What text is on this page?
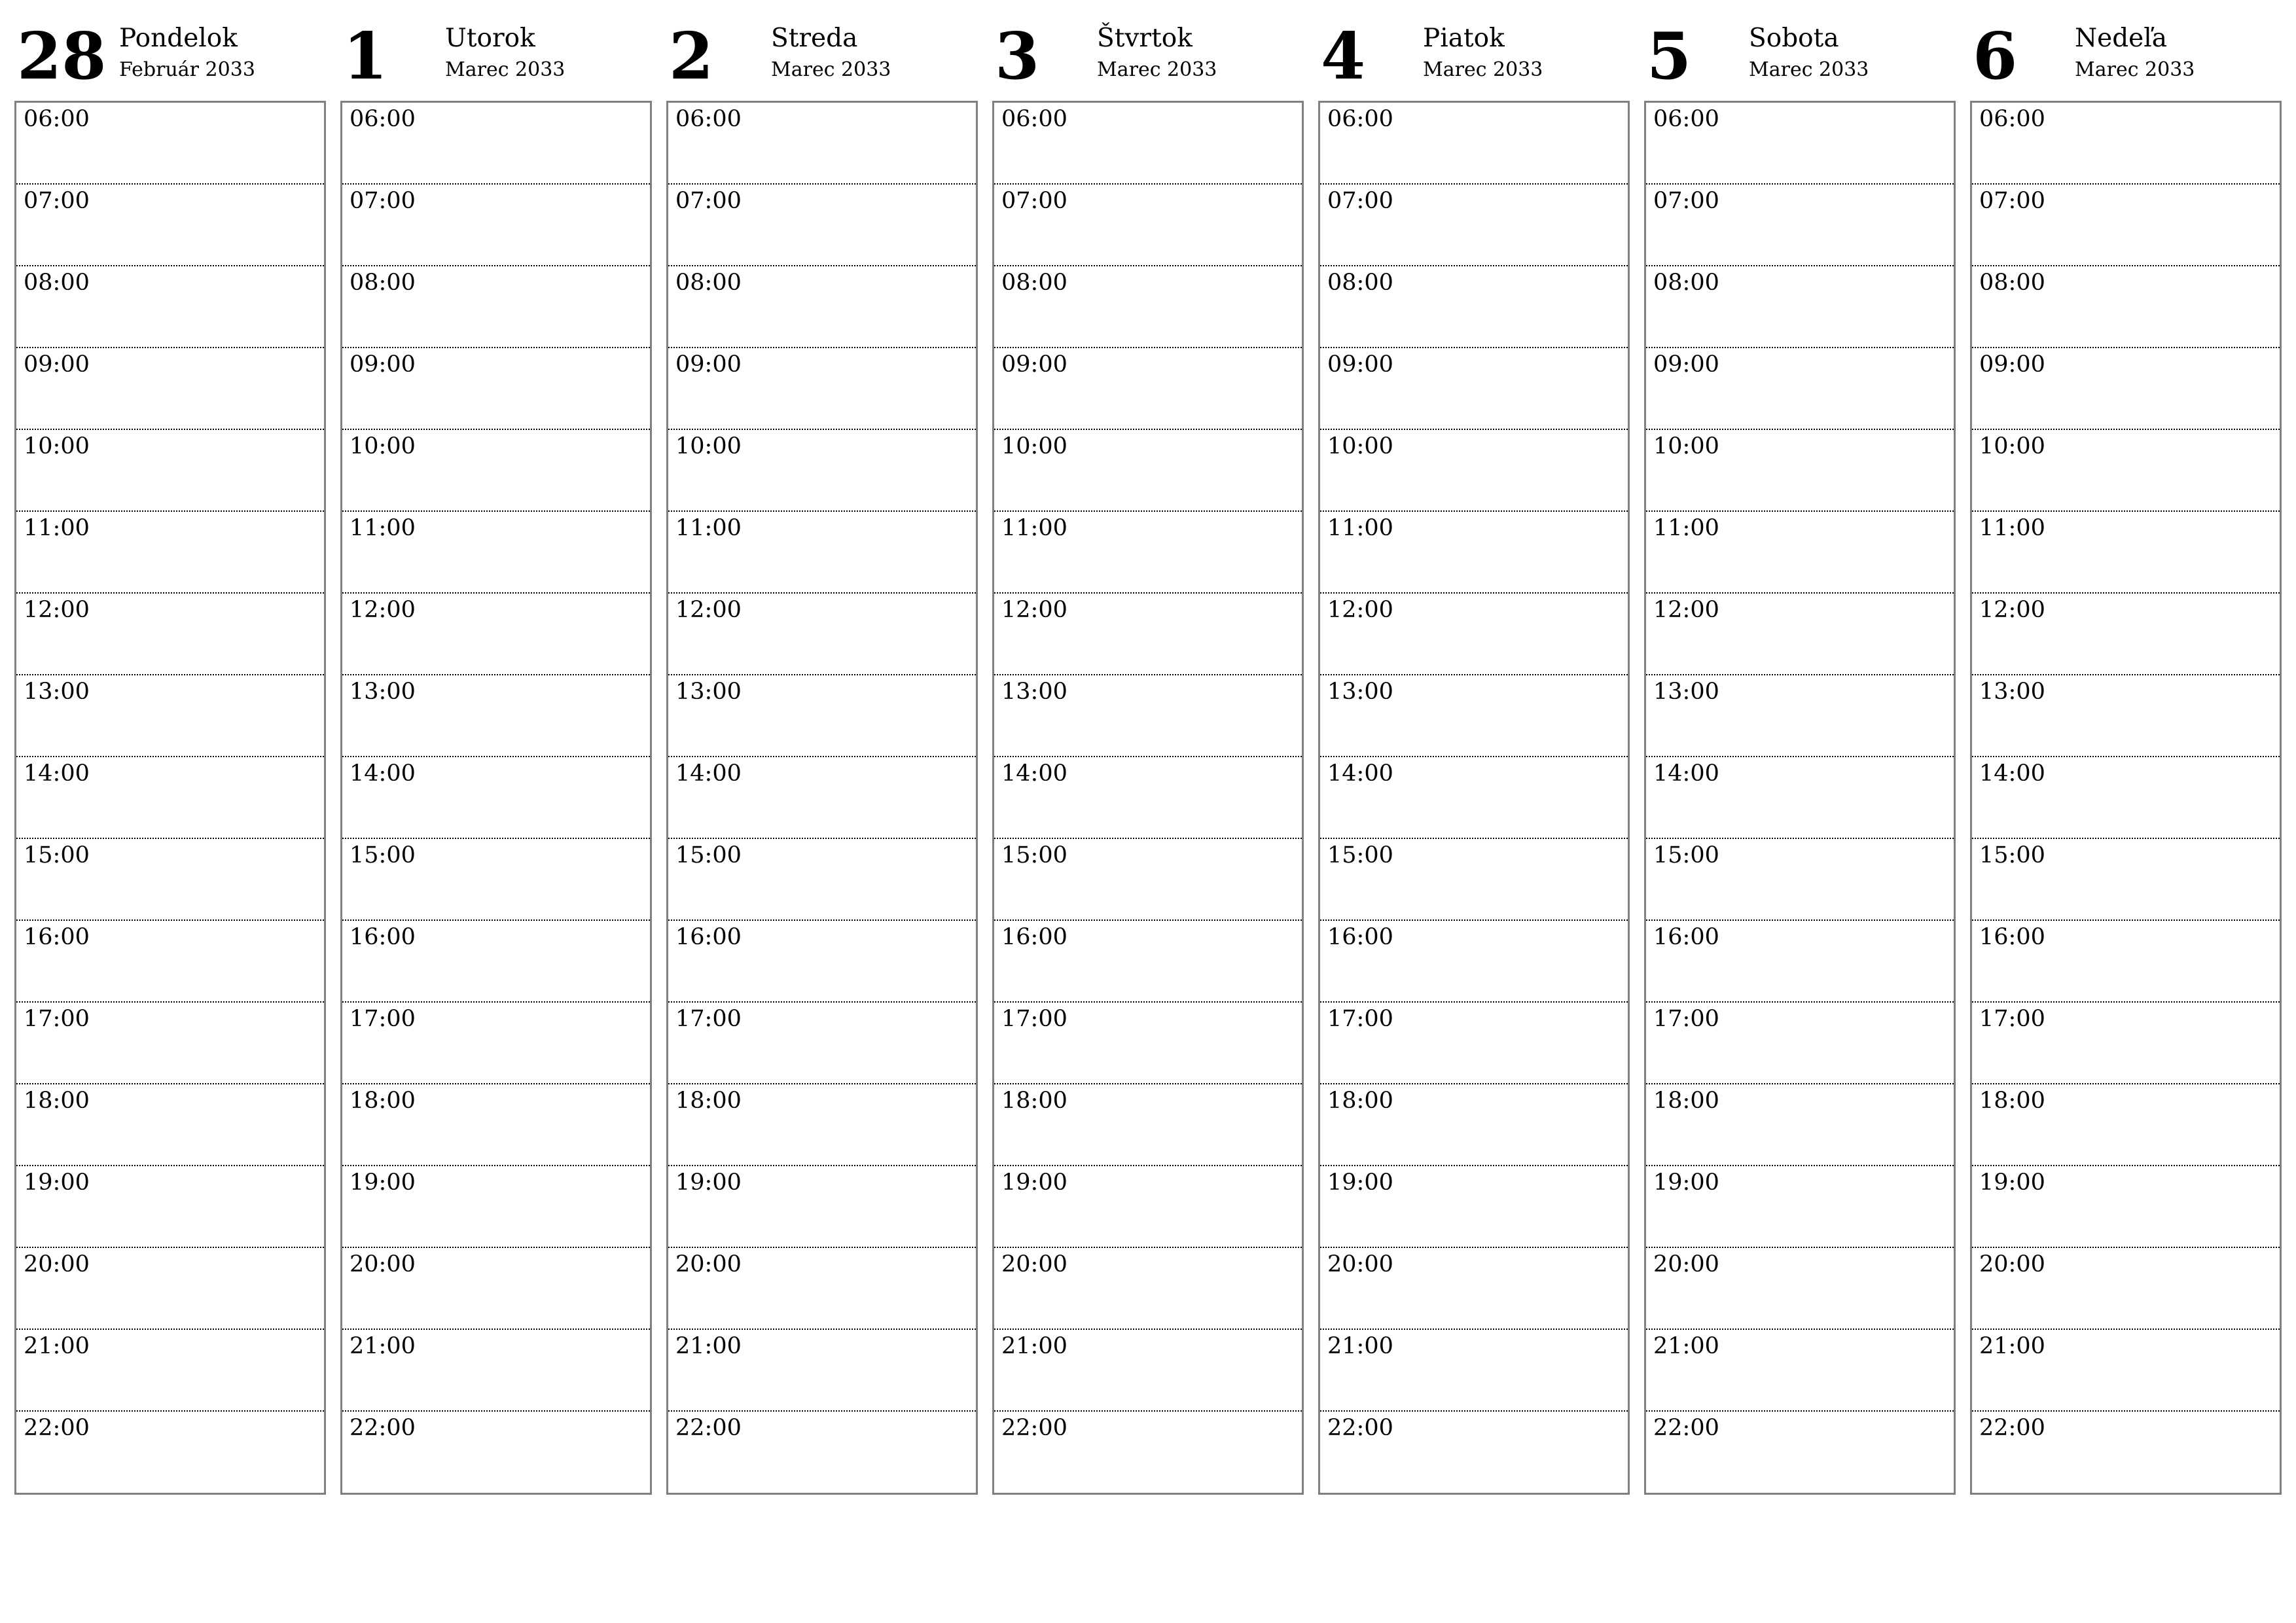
28 Pondelok
Február 2033
06:00
07:00
08:00
09:00
10:00
11:00
12:00
13:00
14:00
15:00
16:00
17:00
18:00
19:00
20:00
21:00
22:00
1 Utorok
Marec 2033
06:00
07:00
08:00
09:00
10:00
11:00
12:00
13:00
14:00
15:00
16:00
17:00
18:00
19:00
20:00
21:00
22:00
2 Streda
Marec 2033
06:00
07:00
08:00
09:00
10:00
11:00
12:00
13:00
14:00
15:00
16:00
17:00
18:00
19:00
20:00
21:00
22:00
3 Štvrtok
Marec 2033
06:00
07:00
08:00
09:00
10:00
11:00
12:00
13:00
14:00
15:00
16:00
17:00
18:00
19:00
20:00
21:00
22:00
4 Piatok
Marec 2033
06:00
07:00
08:00
09:00
10:00
11:00
12:00
13:00
14:00
15:00
16:00
17:00
18:00
19:00
20:00
21:00
22:00
5 Sobota
Marec 2033
06:00
07:00
08:00
09:00
10:00
11:00
12:00
13:00
14:00
15:00
16:00
17:00
18:00
19:00
20:00
21:00
22:00
6 Nedeľa
Marec 2033
06:00
07:00
08:00
09:00
10:00
11:00
12:00
13:00
14:00
15:00
16:00
17:00
18:00
19:00
20:00
21:00
22:00
